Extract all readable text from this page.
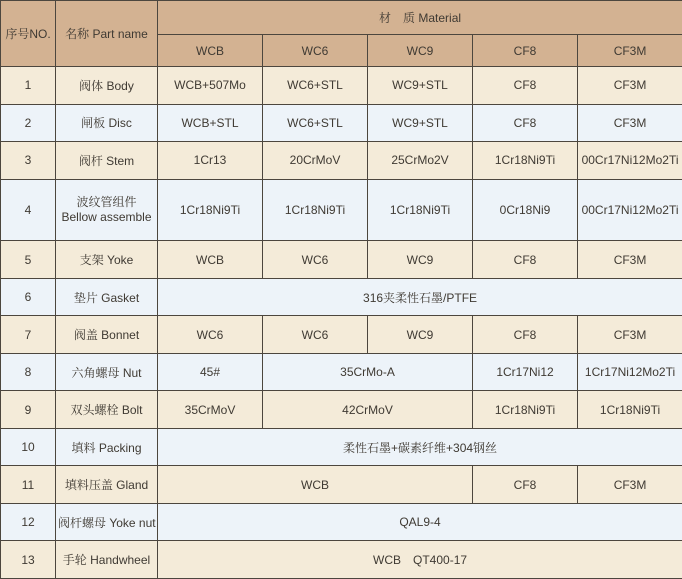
序号NO.	名称 Part name	材　质 Material				
		WCB	WC6	WC9	CF8	CF3M
1	阀体 Body	WCB+507Mo	WC6+STL	WC9+STL	CF8	CF3M
2	闸板 Disc	WCB+STL	WC6+STL	WC9+STL	CF8	CF3M
3	阀杆 Stem	1Cr13	20CrMoV	25CrMo2V	1Cr18Ni9Ti	00Cr17Ni12Mo2Ti
4	波纹管组件
Bellow assemble	1Cr18Ni9Ti	1Cr18Ni9Ti	1Cr18Ni9Ti	0Cr18Ni9	00Cr17Ni12Mo2Ti
5	支架 Yoke	WCB	WC6	WC9	CF8	CF3M
6	垫片 Gasket	316夹柔性石墨/PTFE				
7	阀盖 Bonnet	WC6	WC6	WC9	CF8	CF3M
8	六角螺母 Nut	45#	35CrMo-A		1Cr17Ni12	1Cr17Ni12Mo2Ti
9	双头螺栓 Bolt	35CrMoV	42CrMoV		1Cr18Ni9Ti	1Cr18Ni9Ti
10	填料 Packing	柔性石墨+碳素纤维+304钢丝				
11	填料压盖 Gland	WCB			CF8	CF3M
12	阀杆螺母 Yoke nut	QAL9-4				
13	手轮 Handwheel	WCB　QT400-17				
